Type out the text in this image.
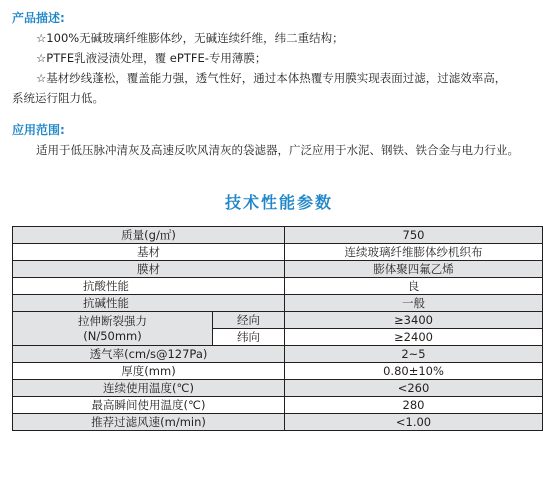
产品描述:

☆100%无碱玻璃纤维膨体纱，无碱连续纤维，纬二重结构；

☆PTFE乳液浸渍处理，覆 ePTFE-专用薄膜；

☆基材纱线蓬松，覆盖能力强，透气性好，通过本体热覆专用膜实现表面过滤，过滤效率高，

系统运行阻力低。

应用范围:

适用于低压脉冲清灰及高速反吹风清灰的袋滤器，广泛应用于水泥、钢铁、铁合金与电力行业。

技术性能参数

质量(g/㎡)		750
基材		连续玻璃纤维膨体纱机织布
膜材		膨体聚四氟乙烯
抗酸性能		良
抗碱性能		一般
拉伸断裂强力
(N/50mm)	经向	≥3400
	纬向	≥2400
透气率(cm/s@127Pa)		2~5
厚度(mm)		0.80±10%
连续使用温度(℃)		<260
最高瞬间使用温度(℃)		280
推荐过滤风速(m/min)		<1.00
